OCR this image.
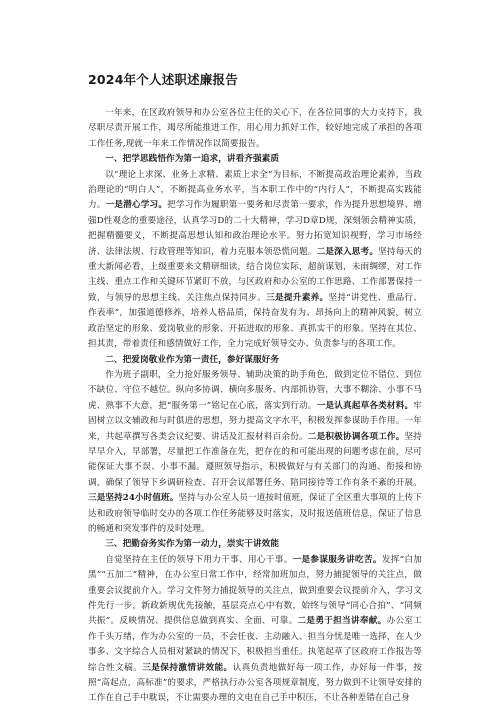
2024年个人述职述廉报告

一年来，在区政府领导和办公室各位主任的关心下，在各位同事的大力支持下，我尽职尽责开展工作，竭尽所能推进工作，用心用力抓好工作，较好地完成了承担的各项工作任务,现就一年来工作情况作以简要报告。

一、把学思践悟作为第一追求，讲看齐强素质

以“理论上求深、业务上求精、素质上求全”为目标，不断提高政治理论素养，当政治理论的“明白人”，不断提高业务水平，当本职工作中的“内行人”，不断提高实践能力。一是潜心学习。把学习作为履职第一要务和尽责第一要求，作为提升思想境界、增强D性观念的重要途径，认真学习D的二十大精神，学习D章D规，深刻领会精神实质，把握精髓要义，不断提高思想认知和政治理论水平。努力拓宽知识视野，学习市场经济、法律法规、行政管理等知识，着力克服本领恐慌问题。二是深入思考。坚持每天的重大新闻必看，上级重要来文精研细读，结合岗位实际，超前谋划，未雨绸缪，对工作主线、重点工作和关键环节紧盯不放，与区政府和办公室的工作思路、工作部署保持一致，与领导的思想主线、关注焦点保持同步。三是提升素养。坚持“讲党性、重品行、作表率”，加强道德修养，培养人格品质，保持奋发有为、昂扬向上的精神风貌，树立政治坚定的形象、爱岗敬业的形象、开拓进取的形象、真抓实干的形象。坚持在其位、担其责，带着责任和感情做好工作，全力完成好领导交办、负责参与的各项工作。

二、把爱岗敬业作为第一责任，参好谋服好务

作为班子副职，全力抢好服务领导、辅助决策的助手角色，做到定位不错位、到位不缺位、守位不越位。纵向多协调、横向多服务、内部抓协管，大事不糊涂、小事不马虎、熟事不大意，把“服务第一”铭记在心底，落实到行动。一是认真起草各类材料。牢固树立以文辅政和与时俱进的思想，努力提高文字水平，积极发挥参谋助手作用。一年来，共起草撰写各类会议纪要、讲话及汇报材料百余份。二是积极协调各项工作。坚持早早介入，早部署，尽量把工作准备在先，把存在的和可能出现的问题考虑在前，尽可能保证大事不误、小事不漏。遵照领导指示，积极做好与有关部门的沟通、衔接和协调，确保了领导下乡调研检查、召开会议部署任务、陪同接待等工作有条不紊的开展。三是坚持24小时值班。坚持与办公室人员一道按时值班，保证了全区重大事项的上传下达和政府领导临时交办的各项工作任务能够及时落实，及时报送值班信息，保证了信息的畅通和突发事件的及时处理。

三、把勤奋务实作为第一动力，崇实干讲效能

自觉坚持在主任的领导下用力干事、用心干事。一是参谋服务讲吃苦。发挥“白加黑”“五加二”精神，在办公室日常工作中，经常加班加点，努力捕捉领导的关注点，做重要会议提前介入。学习文件努力捕捉领导的关注点，做到重要会议提前介入，学习文件先行一步，新政新规优先接触，基层亮点心中有数，始终与领导“同心合拍”、“同频共振”。反映情况、提供信息做到真实、全面、可靠。二是勇于担当讲奉献。办公室工作千头万绪，作为办公室的一员，不会任夜、主动融入、担当分忧是唯一选择，在人少事多、文字综合人员相对紧缺的情况下，积极担当重任。执笔起草了区政府工作报告等综合性文稿。三是保持激情讲效能。认真负责地做好每一项工作，办好每一件事，按照“高起点，高标准”的要求，严格执行办公室各项规章制度，努力做到不让领导安排的工作在自己手中耽误，不让需要办理的文电在自己手中积压，不让各种差错在自己身
